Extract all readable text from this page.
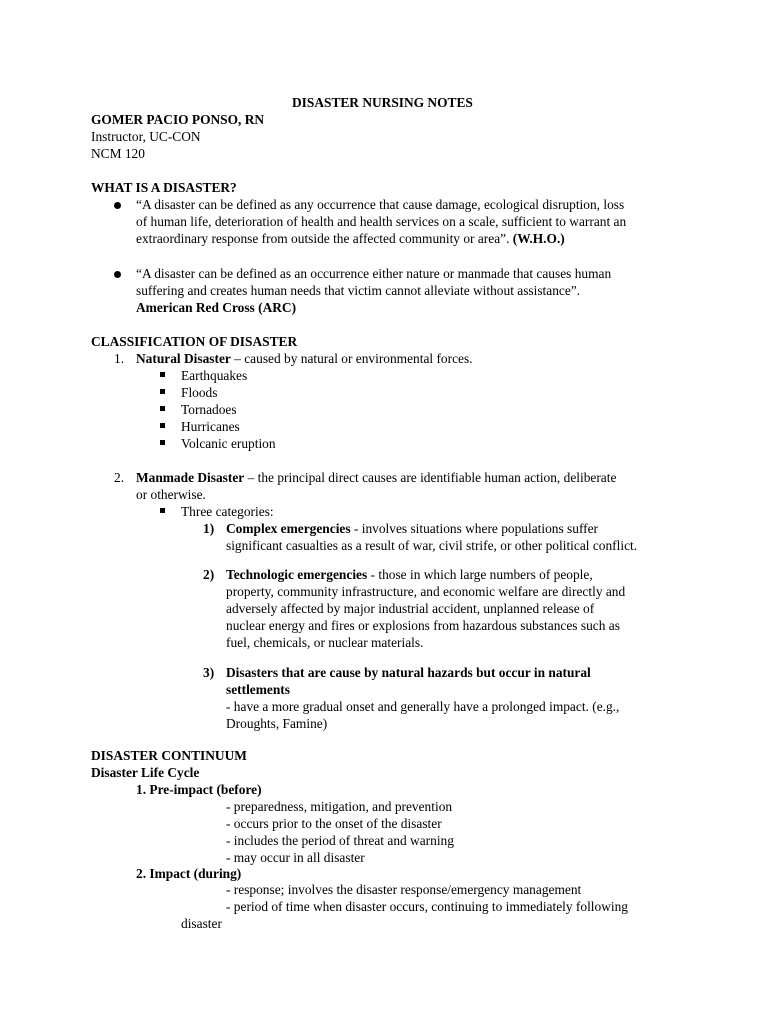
DISASTER NURSING NOTES
GOMER PACIO PONSO, RN
Instructor, UC-CON
NCM 120
WHAT IS A DISASTER?
“A disaster can be defined as any occurrence that cause damage, ecological disruption, loss
of human life, deterioration of health and health services on a scale, sufficient to warrant an
extraordinary response from outside the affected community or area”. (W.H.O.)
“A disaster can be defined as an occurrence either nature or manmade that causes human
suffering and creates human needs that victim cannot alleviate without assistance”.
American Red Cross (ARC)
CLASSIFICATION OF DISASTER
1. Natural Disaster – caused by natural or environmental forces.
Earthquakes
Floods
Tornadoes
Hurricanes
Volcanic eruption
2. Manmade Disaster – the principal direct causes are identifiable human action, deliberate
or otherwise.
Three categories:
1) Complex emergencies - involves situations where populations suffer
significant casualties as a result of war, civil strife, or other political conflict.
2) Technologic emergencies - those in which large numbers of people,
property, community infrastructure, and economic welfare are directly and
adversely affected by major industrial accident, unplanned release of
nuclear energy and fires or explosions from hazardous substances such as
fuel, chemicals, or nuclear materials.
3) Disasters that are cause by natural hazards but occur in natural
settlements
- have a more gradual onset and generally have a prolonged impact. (e.g.,
Droughts, Famine)
DISASTER CONTINUUM
Disaster Life Cycle
1. Pre-impact (before)
- preparedness, mitigation, and prevention
- occurs prior to the onset of the disaster
- includes the period of threat and warning
- may occur in all disaster
2. Impact (during)
- response; involves the disaster response/emergency management
- period of time when disaster occurs, continuing to immediately following
disaster
